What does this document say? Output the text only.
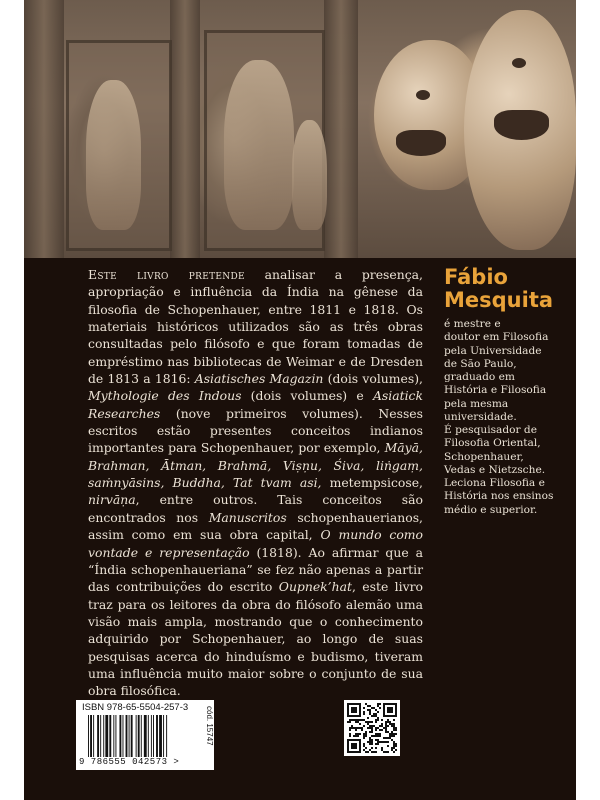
Este livro pretende analisar a presença, apropriação e influência da Índia na gênese da filosofia de Schopenhauer, entre 1811 e 1818. Os materiais históricos utilizados são as três obras consultadas pelo filósofo e que foram tomadas de empréstimo nas bibliotecas de Weimar e de Dresden de 1813 a 1816: Asiatisches Magazin (dois volumes), Mythologie des Indous (dois volumes) e Asiatick Researches (nove primeiros volumes). Nesses escritos estão presentes conceitos indianos importantes para Schopenhauer, por exemplo, Māyā, Brahman, Ātman, Brahmā, Viṣṇu, Śiva, liṅgaṃ, saṁnyāsins, Buddha, Tat tvam asi, metempsicose, nirvāṇa, entre outros. Tais conceitos são encontrados nos Manuscritos schopenhauerianos, assim como em sua obra capital, O mundo como vontade e representação (1818). Ao afirmar que a “Índia schopenhaueriana” se fez não apenas a partir das contribuições do escrito Oupnek’hat, este livro traz para os leitores da obra do filósofo alemão uma visão mais ampla, mostrando que o conhecimento adquirido por Schopenhauer, ao longo de suas pesquisas acerca do hinduísmo e budismo, tiveram uma influência muito maior sobre o conjunto de sua obra filosófica.

Fábio
Mesquita

é mestre e
doutor em Filosofia
pela Universidade
de São Paulo,
graduado em
História e Filosofia
pela mesma
universidade.
É pesquisador de
Filosofia Oriental,
Schopenhauer,
Vedas e Nietzsche.
Leciona Filosofia e
História nos ensinos
médio e superior.

ISBN 978-65-5504-257-3
9 786555 042573 >
cód. 15747
